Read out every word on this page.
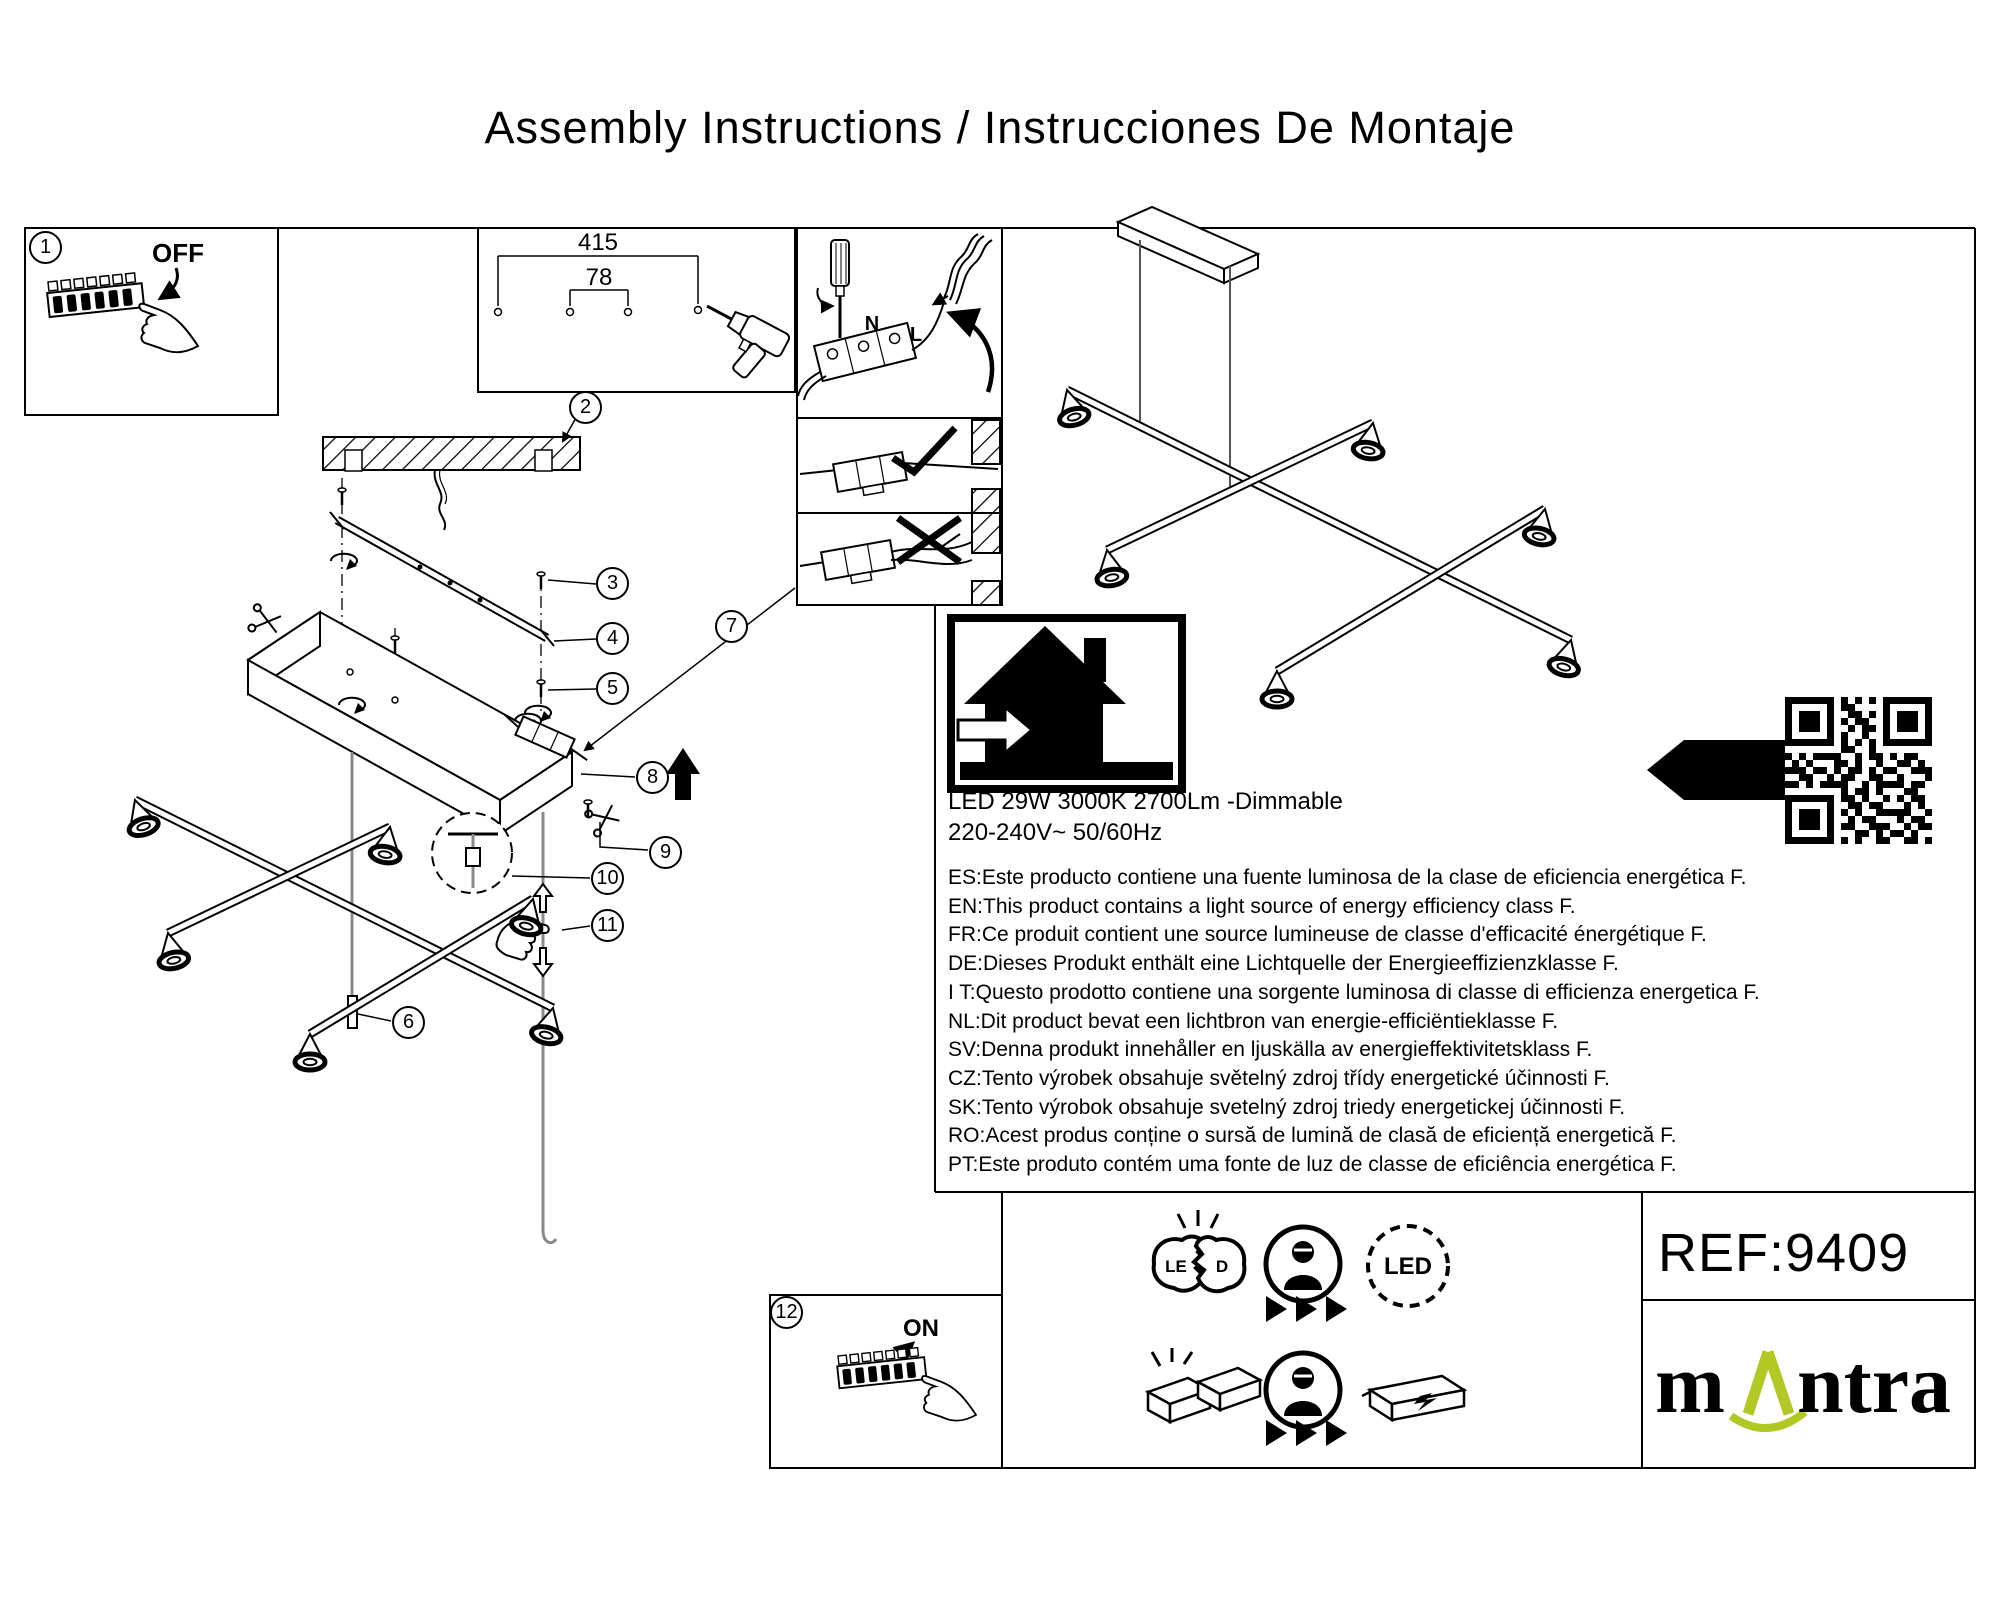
OFF	415
78
N L
F
ON
LE D	LED
Assembly Instructions / Instrucciones De Montaje
1
2
3
4
5
6
7
8
9
10
11
12
LED 29W 3000K 2700Lm -Dimmable
220-240V~ 50/60Hz
ES:Este producto contiene una fuente luminosa de la clase de eficiencia energética F.
EN:This product contains a light source of energy efficiency class F.
FR:Ce produit contient une source lumineuse de classe d'efficacité énergétique F.
DE:Dieses Produkt enthält eine Lichtquelle der Energieeffizienzklasse F.
I T:Questo prodotto contiene una sorgente luminosa di classe di efficienza energetica F.
NL:Dit product bevat een lichtbron van energie-efficiëntieklasse F.
SV:Denna produkt innehåller en ljuskälla av energieffektivitetsklass F.
CZ:Tento výrobek obsahuje světelný zdroj třídy energetické účinnosti F.
SK:Tento výrobok obsahuje svetelný zdroj triedy energetickej účinnosti F.
RO:Acest produs conține o sursă de lumină de clasă de eficiență energetică F.
PT:Este produto contém uma fonte de luz de classe de eficiência energética F.
REF:9409
m ntra
